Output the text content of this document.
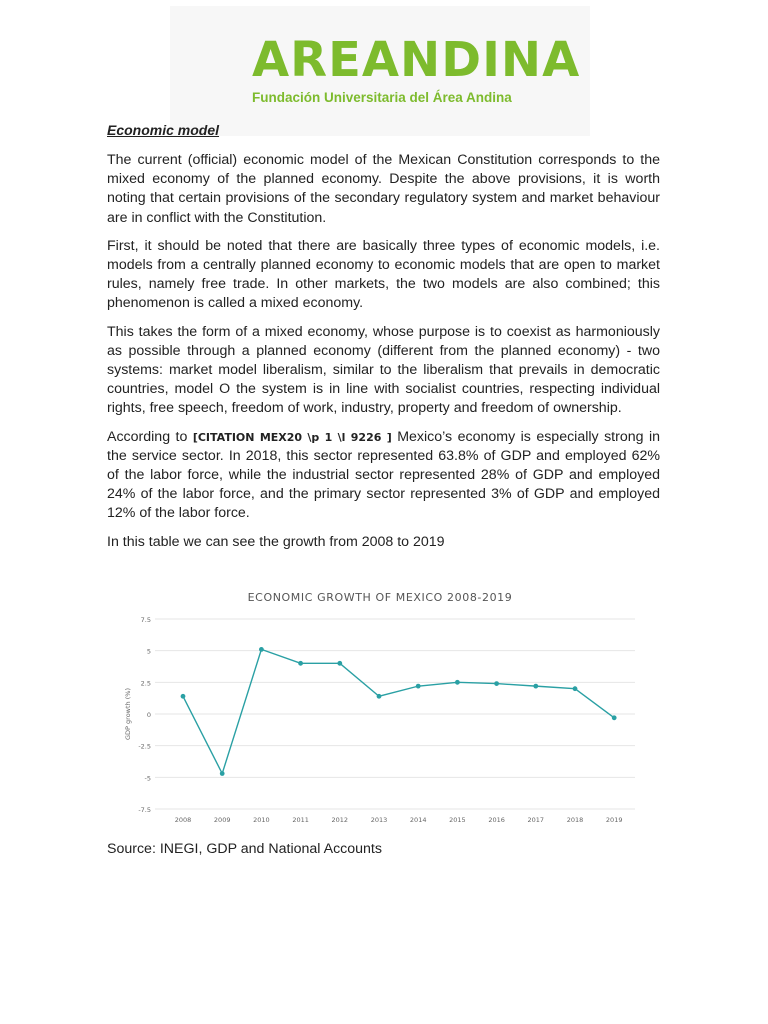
AREANDINA
Fundación Universitaria del Área Andina
Economic model

The current (official) economic model of the Mexican Constitution corresponds to the mixed economy of the planned economy. Despite the above provisions, it is worth noting that certain provisions of the secondary regulatory system and market behaviour are in conflict with the Constitution.

First, it should be noted that there are basically three types of economic models, i.e. models from a centrally planned economy to economic models that are open to market rules, namely free trade. In other markets, the two models are also combined; this phenomenon is called a mixed economy.

This takes the form of a mixed economy, whose purpose is to coexist as harmoniously as possible through a planned economy (different from the planned economy) - two systems: market model liberalism, similar to the liberalism that prevails in democratic countries, model O the system is in line with socialist countries, respecting individual rights, free speech, freedom of work, industry, property and freedom of ownership.

According to [CITATION MEX20 \p 1 \l 9226 ] Mexico’s economy is especially strong in the service sector. In 2018, this sector represented 63.8% of GDP and employed 62% of the labor force, while the industrial sector represented 28% of GDP and employed 24% of the labor force, and the primary sector represented 3% of GDP and employed 12% of the labor force.

In this table we can see the growth from 2008 to 2019

ECONOMIC GROWTH OF MEXICO 2008-2019
7.5
5
2.5
0
-2.5
-5
-7.5
GDP growth (%)
2008	2009	2010	2011	2012	2013	2014	2015	2016	2017	2018	2019
Source: INEGI, GDP and National Accounts
